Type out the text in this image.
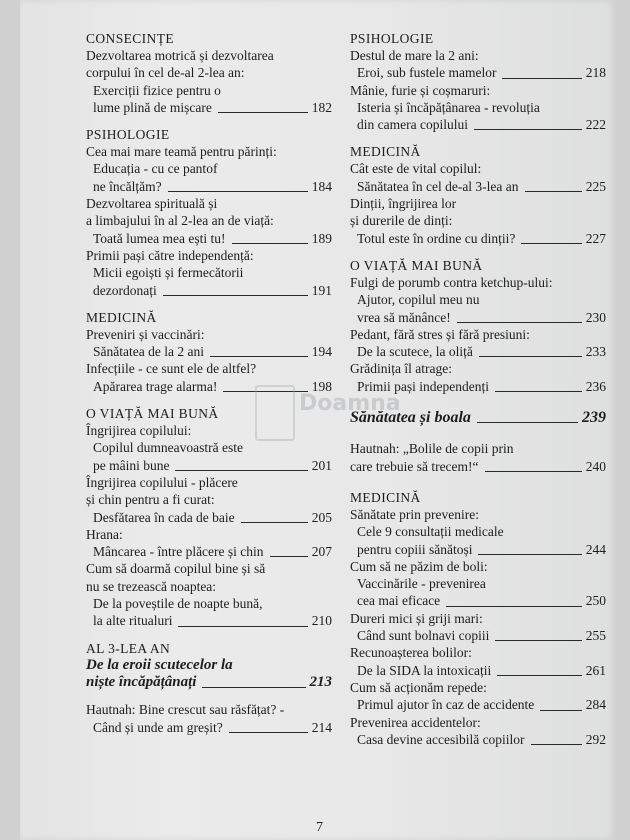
CONSECINȚE
Dezvoltarea motrică și dezvoltarea
corpului în cel de-al 2-lea an:
Exerciții fizice pentru o
lume plină de mișcare	182
PSIHOLOGIE
Cea mai mare teamă pentru părinți:
Educația - cu ce pantof
ne încălțăm?	184
Dezvoltarea spirituală și
a limbajului în al 2-lea an de viață:
Toată lumea mea ești tu!	189
Primii pași către independență:
Micii egoiști și fermecătorii
dezordonați	191
MEDICINĂ
Preveniri și vaccinări:
Sănătatea de la 2 ani	194
Infecțiile - ce sunt ele de altfel?
Apărarea trage alarma!	198
O VIAȚĂ MAI BUNĂ
Îngrijirea copilului:
Copilul dumneavoastră este
pe mâini bune	201
Îngrijirea copilului - plăcere
și chin pentru a fi curat:
Desfătarea în cada de baie	205
Hrana:
Mâncarea - între plăcere și chin	207
Cum să doarmă copilul bine și să
nu se trezească noaptea:
De la poveștile de noapte bună,
la alte ritualuri	210
AL 3-LEA AN
De la eroii scutecelor la
niște încăpățânați	213
Hautnah: Bine crescut sau răsfățat? -
Când și unde am greșit?	214
PSIHOLOGIE
Destul de mare la 2 ani:
Eroi, sub fustele mamelor	218
Mânie, furie și coșmaruri:
Isteria și încăpățânarea - revoluția
din camera copilului	222
MEDICINĂ
Cât este de vital copilul:
Sănătatea în cel de-al 3-lea an	225
Dinții, îngrijirea lor
și durerile de dinți:
Totul este în ordine cu dinții?	227
O VIAȚĂ MAI BUNĂ
Fulgi de porumb contra ketchup-ului:
Ajutor, copilul meu nu
vrea să mănânce!	230
Pedant, fără stres și fără presiuni:
De la scutece, la oliță	233
Grădinița îl atrage:
Primii pași independenți	236
Sănătatea și boala	239
Hautnah: „Bolile de copii prin
care trebuie să trecem!“	240
MEDICINĂ
Sănătate prin prevenire:
Cele 9 consultații medicale
pentru copiii sănătoși	244
Cum să ne păzim de boli:
Vaccinările - prevenirea
cea mai eficace	250
Dureri mici și griji mari:
Când sunt bolnavi copiii	255
Recunoașterea bolilor:
De la SIDA la intoxicații	261
Cum să acționăm repede:
Primul ajutor în caz de accidente	284
Prevenirea accidentelor:
Casa devine accesibilă copiilor	292
Doamna
7
